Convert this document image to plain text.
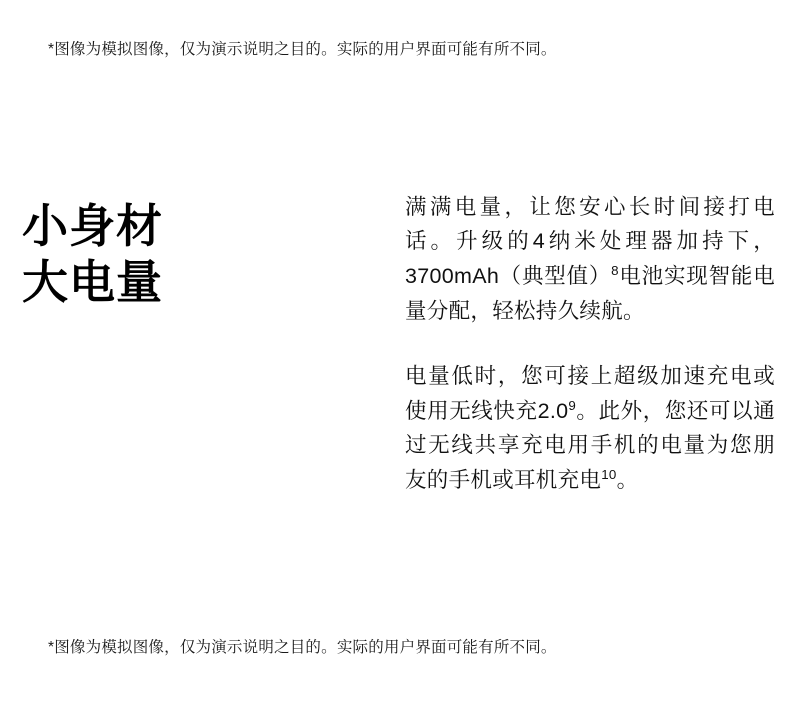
*图像为模拟图像，仅为演示说明之目的。实际的用户界面可能有所不同。
小身材
大电量

满满电量，让您安心长时间接打电话。升级的4纳米处理器加持下， 3700mAh（典型值）$^8$电池实现智能电量分配，轻松持久续航。

电量低时，您可接上超级加速充电或使用无线快充$2.0^9$。此外，您还可以通过无线共享充电用手机的电量为您朋友的手机或耳机充电$^{10}$。

*图像为模拟图像，仅为演示说明之目的。实际的用户界面可能有所不同。
